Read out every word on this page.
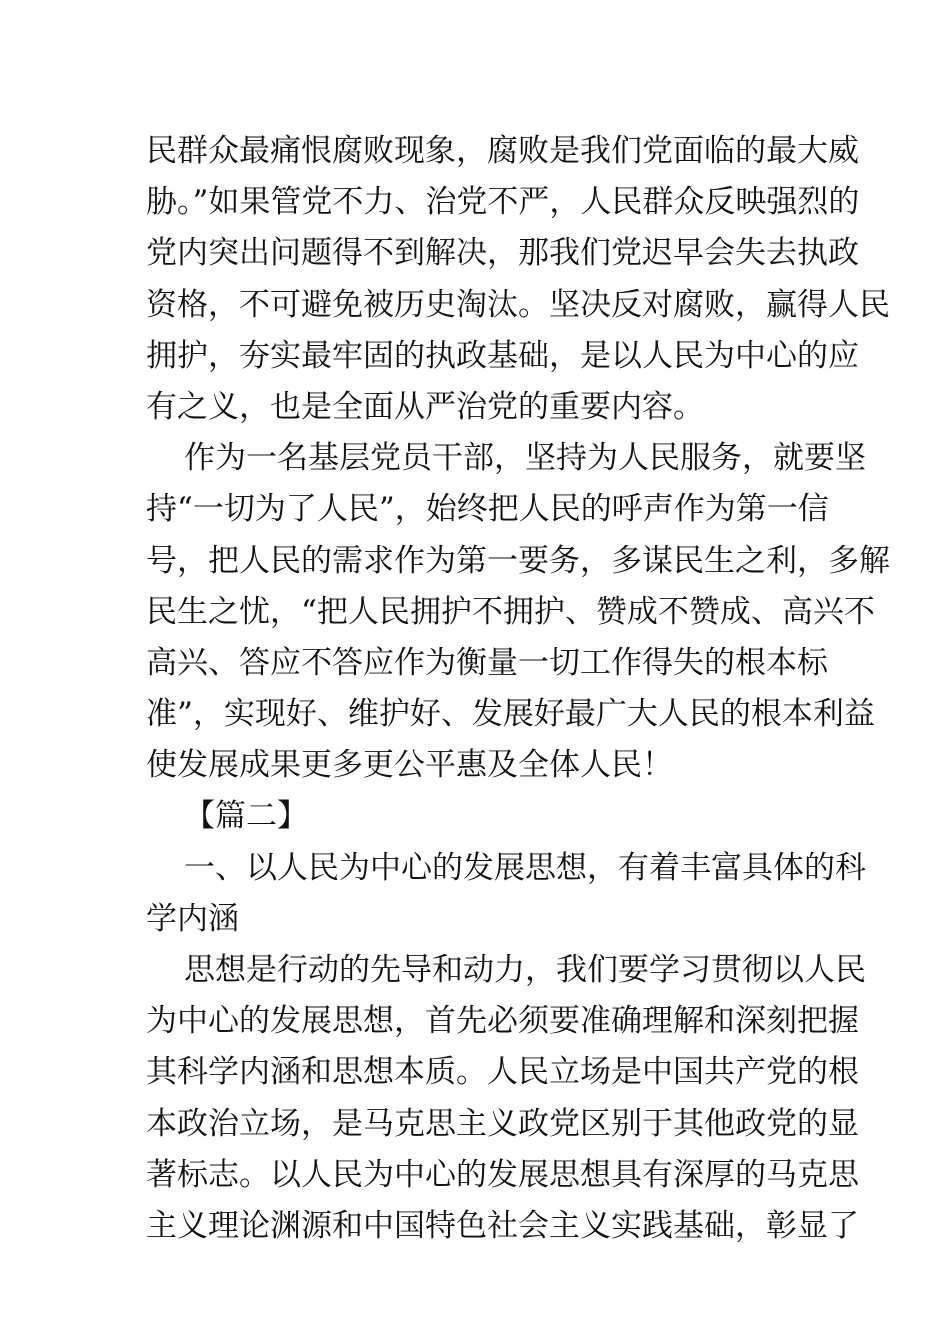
民群众最痛恨腐败现象，腐败是我们党面临的最大威
胁。”如果管党不力、治党不严，人民群众反映强烈的
党内突出问题得不到解决，那我们党迟早会失去执政
资格，不可避免被历史淘汰。坚决反对腐败，赢得人民
拥护，夯实最牢固的执政基础，是以人民为中心的应
有之义，也是全面从严治党的重要内容。
作为一名基层党员干部，坚持为人民服务，就要坚
持“一切为了人民”，始终把人民的呼声作为第一信
号，把人民的需求作为第一要务，多谋民生之利，多解
民生之忧，“把人民拥护不拥护、赞成不赞成、高兴不
高兴、答应不答应作为衡量一切工作得失的根本标
准”，实现好、维护好、发展好最广大人民的根本利益
使发展成果更多更公平惠及全体人民！
【篇二】
一、以人民为中心的发展思想，有着丰富具体的科
学内涵
思想是行动的先导和动力，我们要学习贯彻以人民
为中心的发展思想，首先必须要准确理解和深刻把握
其科学内涵和思想本质。人民立场是中国共产党的根
本政治立场，是马克思主义政党区别于其他政党的显
著标志。以人民为中心的发展思想具有深厚的马克思
主义理论渊源和中国特色社会主义实践基础，彰显了
